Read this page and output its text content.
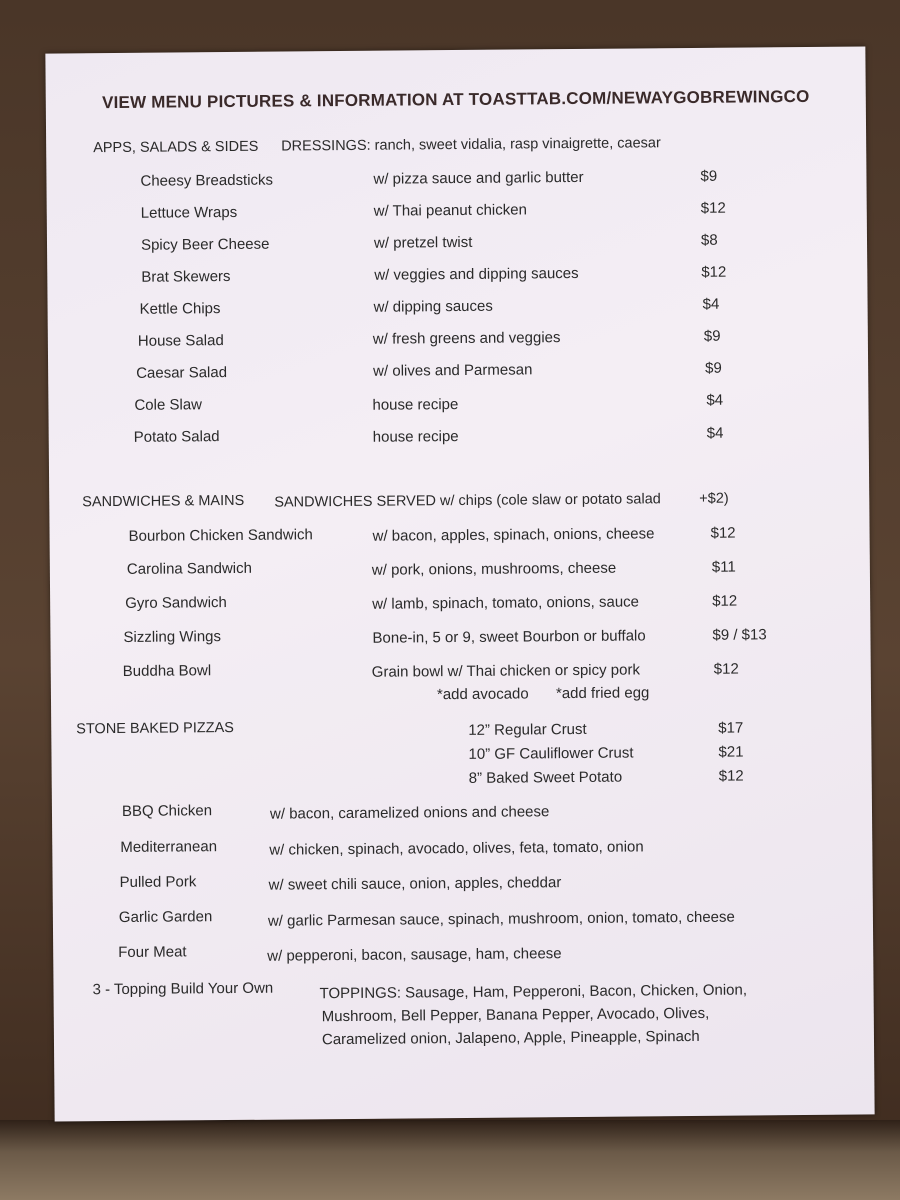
VIEW MENU PICTURES & INFORMATION AT TOASTTAB.COM/NEWAYGOBREWINGCO
APPS, SALADS & SIDES DRESSINGS: ranch, sweet vidalia, rasp vinaigrette, caesar
Cheesy Breadsticks	w/ pizza sauce and garlic butter	$9
Lettuce Wraps	w/ Thai peanut chicken	$12
Spicy Beer Cheese	w/ pretzel twist	$8
Brat Skewers	w/ veggies and dipping sauces	$12
Kettle Chips	w/ dipping sauces	$4
House Salad	w/ fresh greens and veggies	$9
Caesar Salad	w/ olives and Parmesan	$9
Cole Slaw	house recipe	$4
Potato Salad	house recipe	$4
SANDWICHES & MAINS SANDWICHES SERVED w/ chips (cole slaw or potato salad	+$2)
Bourbon Chicken Sandwich	w/ bacon, apples, spinach, onions, cheese	$12
Carolina Sandwich	w/ pork, onions, mushrooms, cheese	$11
Gyro Sandwich	w/ lamb, spinach, tomato, onions, sauce	$12
Sizzling Wings	Bone-in, 5 or 9, sweet Bourbon or buffalo	$9 / $13
Buddha Bowl	Grain bowl w/ Thai chicken or spicy pork	$12
*add avocado *add fried egg
STONE BAKED PIZZAS	12” Regular Crust	$17
10” GF Cauliflower Crust	$21
8” Baked Sweet Potato	$12
BBQ Chicken	w/ bacon, caramelized onions and cheese
Mediterranean	w/ chicken, spinach, avocado, olives, feta, tomato, onion
Pulled Pork	w/ sweet chili sauce, onion, apples, cheddar
Garlic Garden	w/ garlic Parmesan sauce, spinach, mushroom, onion, tomato, cheese
Four Meat	w/ pepperoni, bacon, sausage, ham, cheese
3 - Topping Build Your Own	TOPPINGS: Sausage, Ham, Pepperoni, Bacon, Chicken, Onion,
Mushroom, Bell Pepper, Banana Pepper, Avocado, Olives,
Caramelized onion, Jalapeno, Apple, Pineapple, Spinach
